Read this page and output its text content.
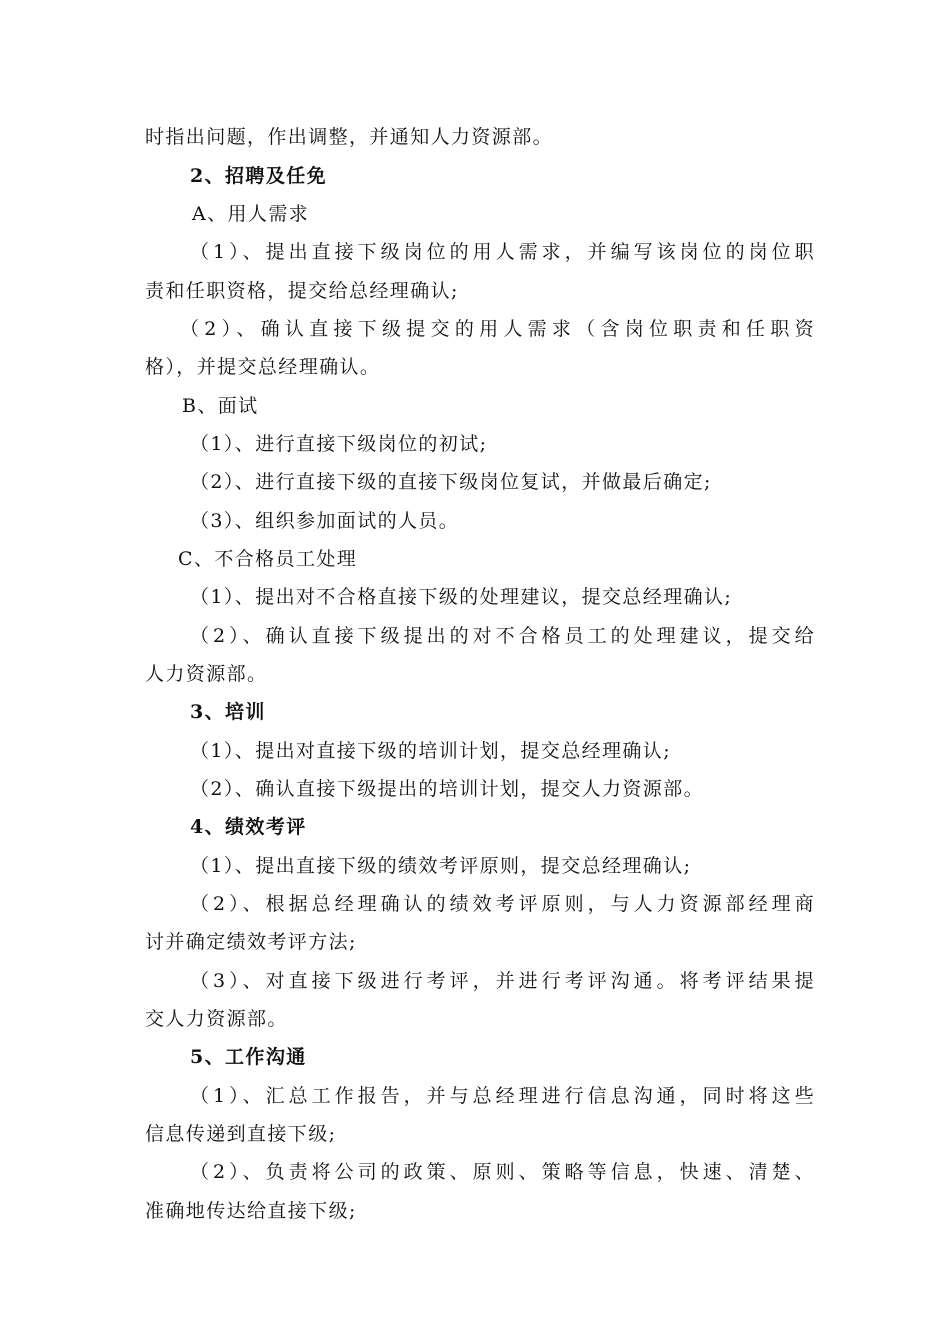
时指出问题，作出调整，并通知人力资源部。
2、招聘及任免
A、用人需求
（1）、提出直接下级岗位的用人需求，并编写该岗位的岗位职
责和任职资格，提交给总经理确认;
（2）、确认直接下级提交的用人需求（含岗位职责和任职资
格），并提交总经理确认。
B、面试
（1）、进行直接下级岗位的初试;
（2）、进行直接下级的直接下级岗位复试，并做最后确定;
（3）、组织参加面试的人员。
C、不合格员工处理
（1）、提出对不合格直接下级的处理建议，提交总经理确认;
（2）、确认直接下级提出的对不合格员工的处理建议，提交给
人力资源部。
3、培训
（1）、提出对直接下级的培训计划，提交总经理确认;
（2）、确认直接下级提出的培训计划，提交人力资源部。
4、绩效考评
（1）、提出直接下级的绩效考评原则，提交总经理确认;
（2）、根据总经理确认的绩效考评原则，与人力资源部经理商
讨并确定绩效考评方法;
（3）、对直接下级进行考评，并进行考评沟通。将考评结果提
交人力资源部。
5、工作沟通
（1）、汇总工作报告，并与总经理进行信息沟通，同时将这些
信息传递到直接下级;
（2）、负责将公司的政策、原则、策略等信息，快速、清楚、
准确地传达给直接下级;
